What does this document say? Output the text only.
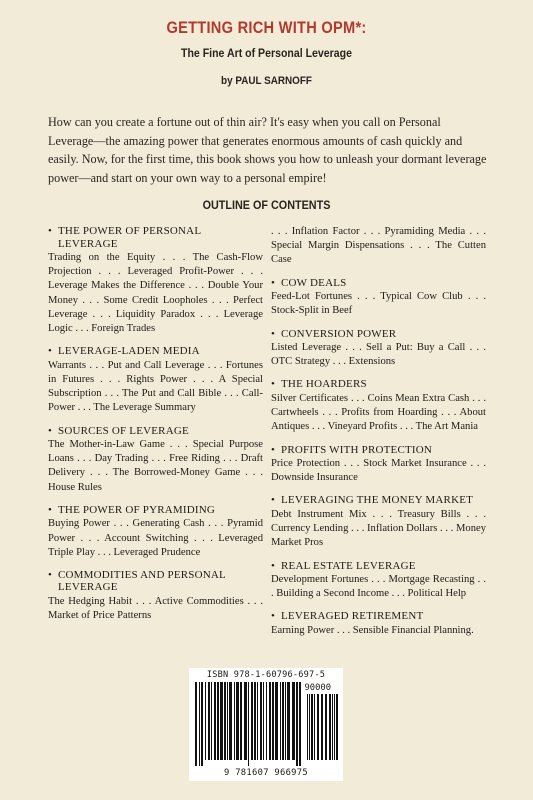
GETTING RICH WITH OPM*:
The Fine Art of Personal Leverage
by PAUL SARNOFF
How can you create a fortune out of thin air? It's easy when you call on Personal Leverage—the amazing power that generates enormous amounts of cash quickly and easily. Now, for the first time, this book shows you how to unleash your dormant leverage power—and start on your own way to a personal empire!
OUTLINE OF CONTENTS
• THE POWER OF PERSONAL LEVERAGE
Trading on the Equity . . . The Cash-Flow Projection . . . Leveraged Profit-Power . . . Leverage Makes the Difference . . . Double Your Money . . . Some Credit Loopholes . . . Perfect Leverage . . . Liquidity Paradox . . . Leverage Logic . . . Foreign Trades
• LEVERAGE-LADEN MEDIA
Warrants . . . Put and Call Leverage . . . Fortunes in Futures . . . Rights Power . . . A Special Subscription . . . The Put and Call Bible . . . Call-Power . . . The Leverage Summary
• SOURCES OF LEVERAGE
The Mother-in-Law Game . . . Special Purpose Loans . . . Day Trading . . . Free Riding . . . Draft Delivery . . . The Borrowed-Money Game . . . House Rules
• THE POWER OF PYRAMIDING
Buying Power . . . Generating Cash . . . Pyramid Power . . . Account Switching . . . Leveraged Triple Play . . . Leveraged Prudence
• COMMODITIES AND PERSONAL LEVERAGE
The Hedging Habit . . . Active Commodities . . . Market of Price Patterns
. . . Inflation Factor . . . Pyramiding Media . . . Special Margin Dispensations . . . The Cutten Case
• COW DEALS
Feed-Lot Fortunes . . . Typical Cow Club . . . Stock-Split in Beef
• CONVERSION POWER
Listed Leverage . . . Sell a Put: Buy a Call . . . OTC Strategy . . . Extensions
• THE HOARDERS
Silver Certificates . . . Coins Mean Extra Cash . . . Cartwheels . . . Profits from Hoarding . . . About Antiques . . . Vineyard Profits . . . The Art Mania
• PROFITS WITH PROTECTION
Price Protection . . . Stock Market Insurance . . . Downside Insurance
• LEVERAGING THE MONEY MARKET
Debt Instrument Mix . . . Treasury Bills . . . Currency Lending . . . Inflation Dollars . . . Money Market Pros
• REAL ESTATE LEVERAGE
Development Fortunes . . . Mortgage Recasting . . . Building a Second Income . . . Political Help
• LEVERAGED RETIREMENT
Earning Power . . . Sensible Financial Planning.
ISBN 978-1-60796-697-5
90000
9 781607 966975
